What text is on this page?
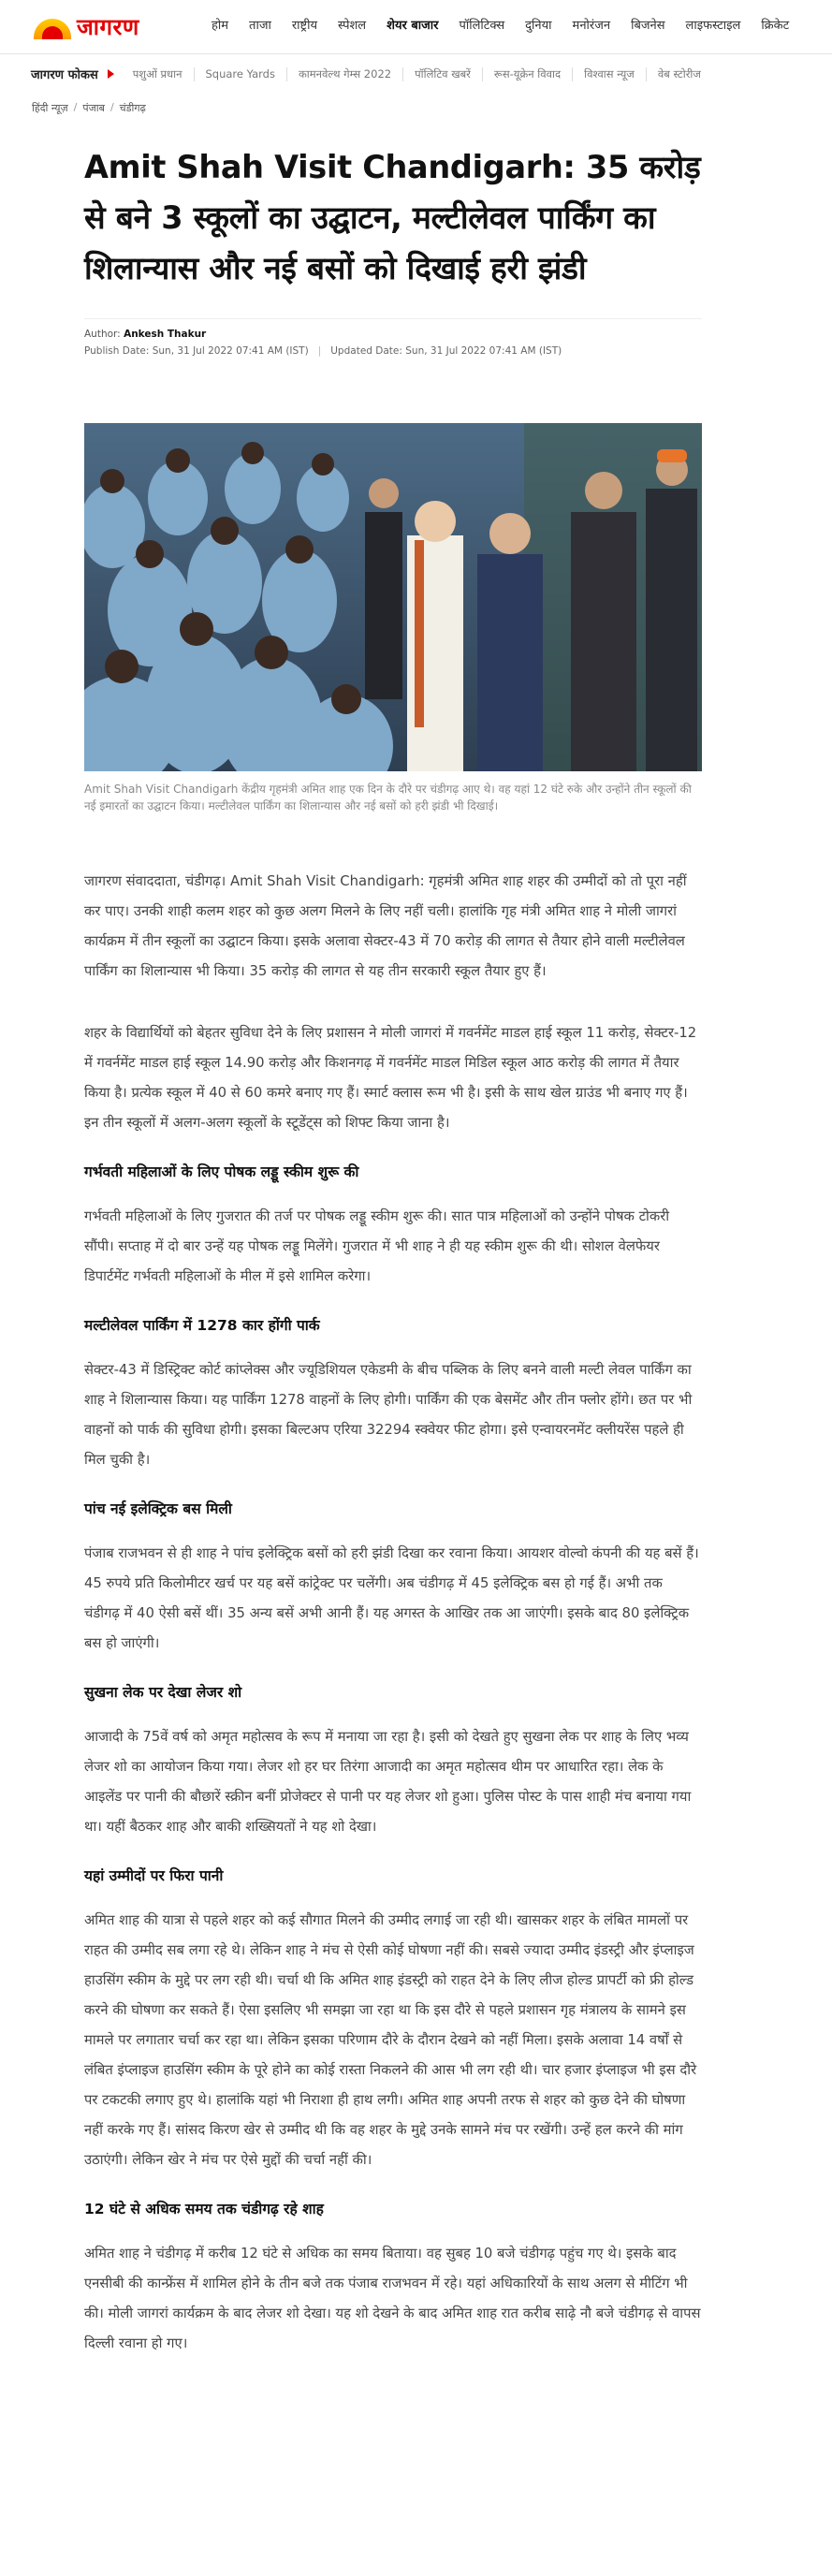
जागरण	होम	ताजा	राष्ट्रीय	स्पेशल	शेयर बाजार	पॉलिटिक्स	दुनिया	मनोरंजन	बिजनेस	लाइफस्टाइल	क्रिकेट
जागरण फोकस	पशुओं प्रधान	Square Yards	कामनवेल्थ गेम्स 2022	पॉलिटिव खबरें	रूस-यूक्रेन विवाद	विश्वास न्यूज	वेब स्टोरीज
हिंदी न्यूज़ / पंजाब / चंडीगढ़
Amit Shah Visit Chandigarh: 35 करोड़ से बने 3 स्कूलों का उद्घाटन, मल्टीलेवल पार्किंग का शिलान्यास और नई बसों को दिखाई हरी झंडी
Author: Ankesh Thakur
Publish Date: Sun, 31 Jul 2022 07:41 AM (IST) | Updated Date: Sun, 31 Jul 2022 07:41 AM (IST)
Amit Shah Visit Chandigarh केंद्रीय गृहमंत्री अमित शाह एक दिन के दौरे पर चंडीगढ़ आए थे। वह यहां 12 घंटे रुके और उन्होंने तीन स्कूलों की नई इमारतों का उद्घाटन किया। मल्टीलेवल पार्किंग का शिलान्यास और नई बसों को हरी झंडी भी दिखाई।

जागरण संवाददाता, चंडीगढ़। Amit Shah Visit Chandigarh: गृहमंत्री अमित शाह शहर की उम्मीदों को तो पूरा नहीं कर पाए। उनकी शाही कलम शहर को कुछ अलग मिलने के लिए नहीं चली। हालांकि गृह मंत्री अमित शाह ने मोली जागरां कार्यक्रम में तीन स्कूलों का उद्घाटन किया। इसके अलावा सेक्टर-43 में 70 करोड़ की लागत से तैयार होने वाली मल्टीलेवल पार्किंग का शिलान्यास भी किया। 35 करोड़ की लागत से यह तीन सरकारी स्कूल तैयार हुए हैं।

शहर के विद्यार्थियों को बेहतर सुविधा देने के लिए प्रशासन ने मोली जागरां में गवर्नमेंट माडल हाई स्कूल 11 करोड़, सेक्टर-12 में गवर्नमेंट माडल हाई स्कूल 14.90 करोड़ और किशनगढ़ में गवर्नमेंट माडल मिडिल स्कूल आठ करोड़ की लागत में तैयार किया है। प्रत्येक स्कूल में 40 से 60 कमरे बनाए गए हैं। स्मार्ट क्लास रूम भी है। इसी के साथ खेल ग्राउंड भी बनाए गए हैं। इन तीन स्कूलों में अलग-अलग स्कूलों के स्टूडेंट्स को शिफ्ट किया जाना है।

गर्भवती महिलाओं के लिए पोषक लड्डू स्कीम शुरू की

गर्भवती महिलाओं के लिए गुजरात की तर्ज पर पोषक लड्डू स्कीम शुरू की। सात पात्र महिलाओं को उन्होंने पोषक टोकरी सौंपी। सप्ताह में दो बार उन्हें यह पोषक लड्डू मिलेंगे। गुजरात में भी शाह ने ही यह स्कीम शुरू की थी। सोशल वेलफेयर डिपार्टमेंट गर्भवती महिलाओं के मील में इसे शामिल करेगा।

मल्टीलेवल पार्किंग में 1278 कार होंगी पार्क

सेक्टर-43 में डिस्ट्रिक्ट कोर्ट कांप्लेक्स और ज्यूडिशियल एकेडमी के बीच पब्लिक के लिए बनने वाली मल्टी लेवल पार्किंग का शाह ने शिलान्यास किया। यह पार्किंग 1278 वाहनों के लिए होगी। पार्किंग की एक बेसमेंट और तीन फ्लोर होंगे। छत पर भी वाहनों को पार्क की सुविधा होगी। इसका बिल्टअप एरिया 32294 स्क्वेयर फीट होगा। इसे एन्वायरनमेंट क्लीयरेंस पहले ही मिल चुकी है।

पांच नई इलेक्ट्रिक बस मिली

पंजाब राजभवन से ही शाह ने पांच इलेक्ट्रिक बसों को हरी झंडी दिखा कर रवाना किया। आयशर वोल्वो कंपनी की यह बसें हैं। 45 रुपये प्रति किलोमीटर खर्च पर यह बसें कांट्रेक्ट पर चलेंगी। अब चंडीगढ़ में 45 इलेक्ट्रिक बस हो गई हैं। अभी तक चंडीगढ़ में 40 ऐसी बसें थीं। 35 अन्य बसें अभी आनी हैं। यह अगस्त के आखिर तक आ जाएंगी। इसके बाद 80 इलेक्ट्रिक बस हो जाएंगी।

सुखना लेक पर देखा लेजर शो

आजादी के 75वें वर्ष को अमृत महोत्सव के रूप में मनाया जा रहा है। इसी को देखते हुए सुखना लेक पर शाह के लिए भव्य लेजर शो का आयोजन किया गया। लेजर शो हर घर तिरंगा आजादी का अमृत महोत्सव थीम पर आधारित रहा। लेक के आइलेंड पर पानी की बौछारें स्क्रीन बनीं प्रोजेक्टर से पानी पर यह लेजर शो हुआ। पुलिस पोस्ट के पास शाही मंच बनाया गया था। यहीं बैठकर शाह और बाकी शख्सियतों ने यह शो देखा।

यहां उम्मीदों पर फिरा पानी

अमित शाह की यात्रा से पहले शहर को कई सौगात मिलने की उम्मीद लगाई जा रही थी। खासकर शहर के लंबित मामलों पर राहत की उम्मीद सब लगा रहे थे। लेकिन शाह ने मंच से ऐसी कोई घोषणा नहीं की। सबसे ज्यादा उम्मीद इंडस्ट्री और इंप्लाइज हाउसिंग स्कीम के मुद्दे पर लग रही थी। चर्चा थी कि अमित शाह इंडस्ट्री को राहत देने के लिए लीज होल्ड प्रापर्टी को फ्री होल्ड करने की घोषणा कर सकते हैं। ऐसा इसलिए भी समझा जा रहा था कि इस दौरे से पहले प्रशासन गृह मंत्रालय के सामने इस मामले पर लगातार चर्चा कर रहा था। लेकिन इसका परिणाम दौरे के दौरान देखने को नहीं मिला। इसके अलावा 14 वर्षों से लंबित इंप्लाइज हाउसिंग स्कीम के पूरे होने का कोई रास्ता निकलने की आस भी लग रही थी। चार हजार इंप्लाइज भी इस दौरे पर टकटकी लगाए हुए थे। हालांकि यहां भी निराशा ही हाथ लगी। अमित शाह अपनी तरफ से शहर को कुछ देने की घोषणा नहीं करके गए हैं। सांसद किरण खेर से उम्मीद थी कि वह शहर के मुद्दे उनके सामने मंच पर रखेंगी। उन्हें हल करने की मांग उठाएंगी। लेकिन खेर ने मंच पर ऐसे मुद्दों की चर्चा नहीं की।

12 घंटे से अधिक समय तक चंडीगढ़ रहे शाह

अमित शाह ने चंडीगढ़ में करीब 12 घंटे से अधिक का समय बिताया। वह सुबह 10 बजे चंडीगढ़ पहुंच गए थे। इसके बाद एनसीबी की कान्फ्रेंस में शामिल होने के तीन बजे तक पंजाब राजभवन में रहे। यहां अधिकारियों के साथ अलग से मीटिंग भी की। मोली जागरां कार्यक्रम के बाद लेजर शो देखा। यह शो देखने के बाद अमित शाह रात करीब साढ़े नौ बजे चंडीगढ़ से वापस दिल्ली रवाना हो गए।
